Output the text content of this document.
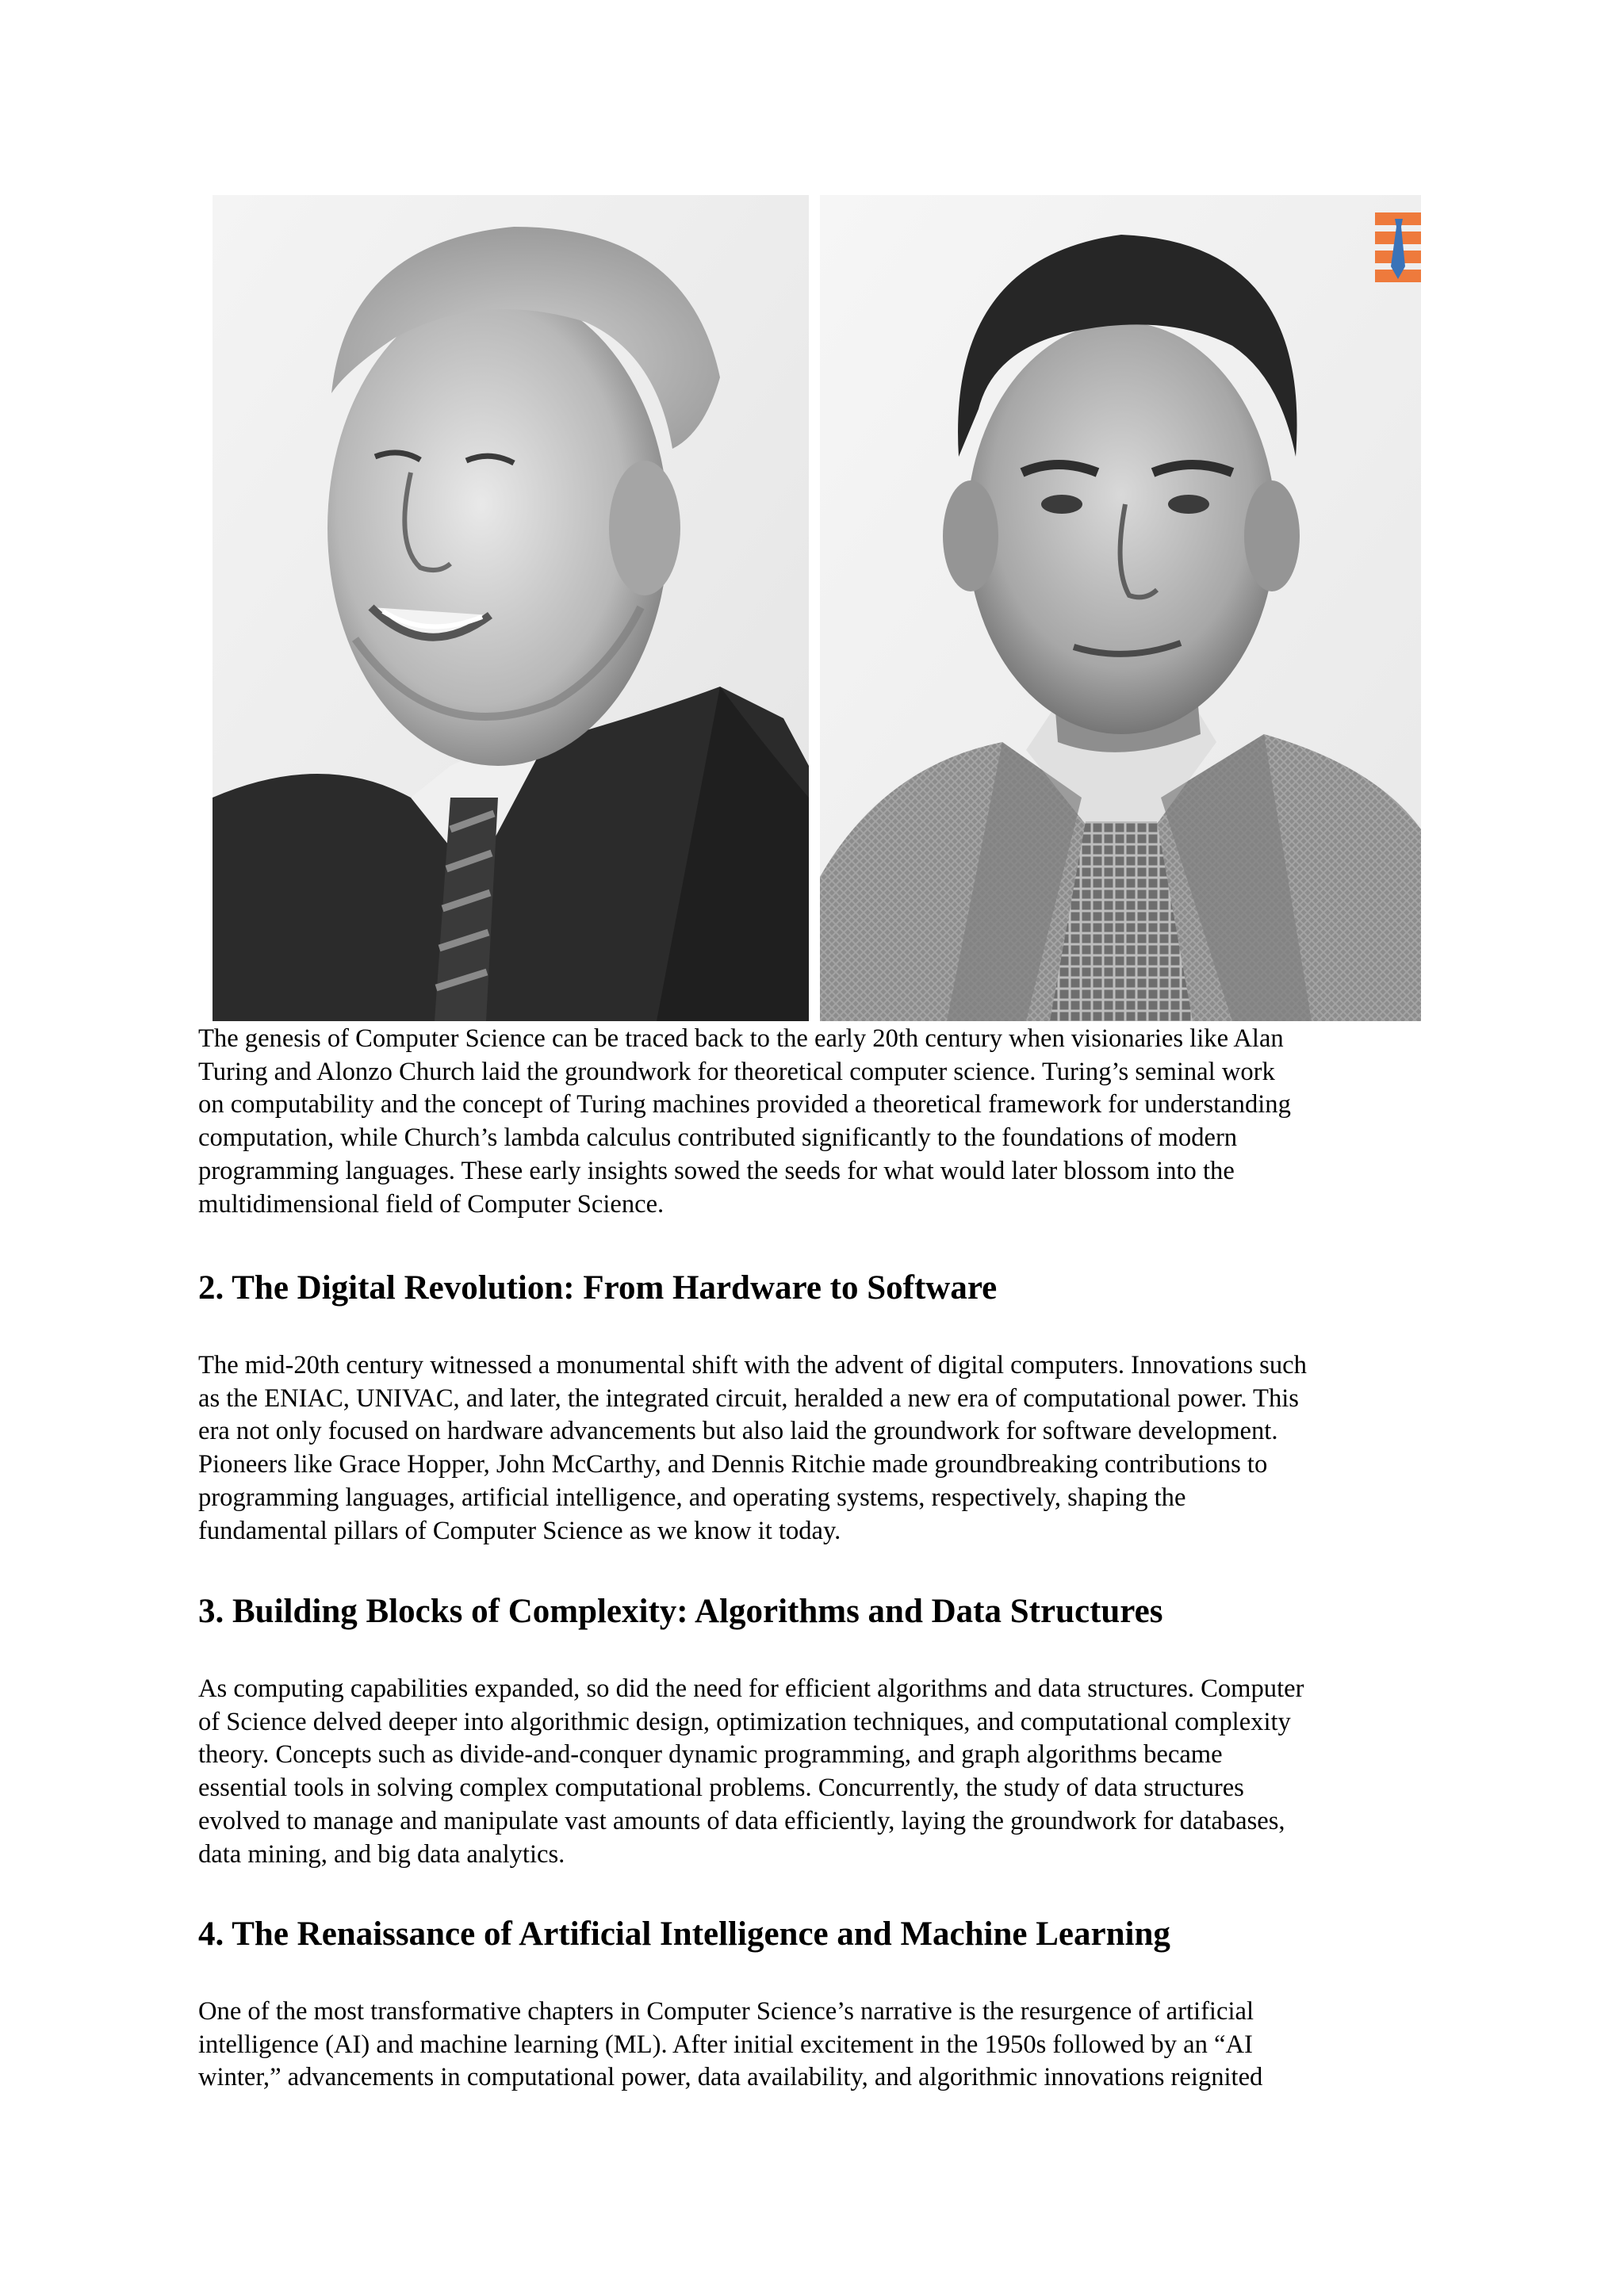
The genesis of Computer Science can be traced back to the early 20th century when visionaries like Alan
Turing and Alonzo Church laid the groundwork for theoretical computer science. Turing’s seminal work
on computability and the concept of Turing machines provided a theoretical framework for understanding
computation, while Church’s lambda calculus contributed significantly to the foundations of modern
programming languages. These early insights sowed the seeds for what would later blossom into the
multidimensional field of Computer Science.

2. The Digital Revolution: From Hardware to Software

The mid-20th century witnessed a monumental shift with the advent of digital computers. Innovations such
as the ENIAC, UNIVAC, and later, the integrated circuit, heralded a new era of computational power. This
era not only focused on hardware advancements but also laid the groundwork for software development.
Pioneers like Grace Hopper, John McCarthy, and Dennis Ritchie made groundbreaking contributions to
programming languages, artificial intelligence, and operating systems, respectively, shaping the
fundamental pillars of Computer Science as we know it today.

3. Building Blocks of Complexity: Algorithms and Data Structures

As computing capabilities expanded, so did the need for efficient algorithms and data structures. Computer
of Science delved deeper into algorithmic design, optimization techniques, and computational complexity
theory. Concepts such as divide-and-conquer dynamic programming, and graph algorithms became
essential tools in solving complex computational problems. Concurrently, the study of data structures
evolved to manage and manipulate vast amounts of data efficiently, laying the groundwork for databases,
data mining, and big data analytics.

4. The Renaissance of Artificial Intelligence and Machine Learning

One of the most transformative chapters in Computer Science’s narrative is the resurgence of artificial
intelligence (AI) and machine learning (ML). After initial excitement in the 1950s followed by an “AI
winter,” advancements in computational power, data availability, and algorithmic innovations reignited
